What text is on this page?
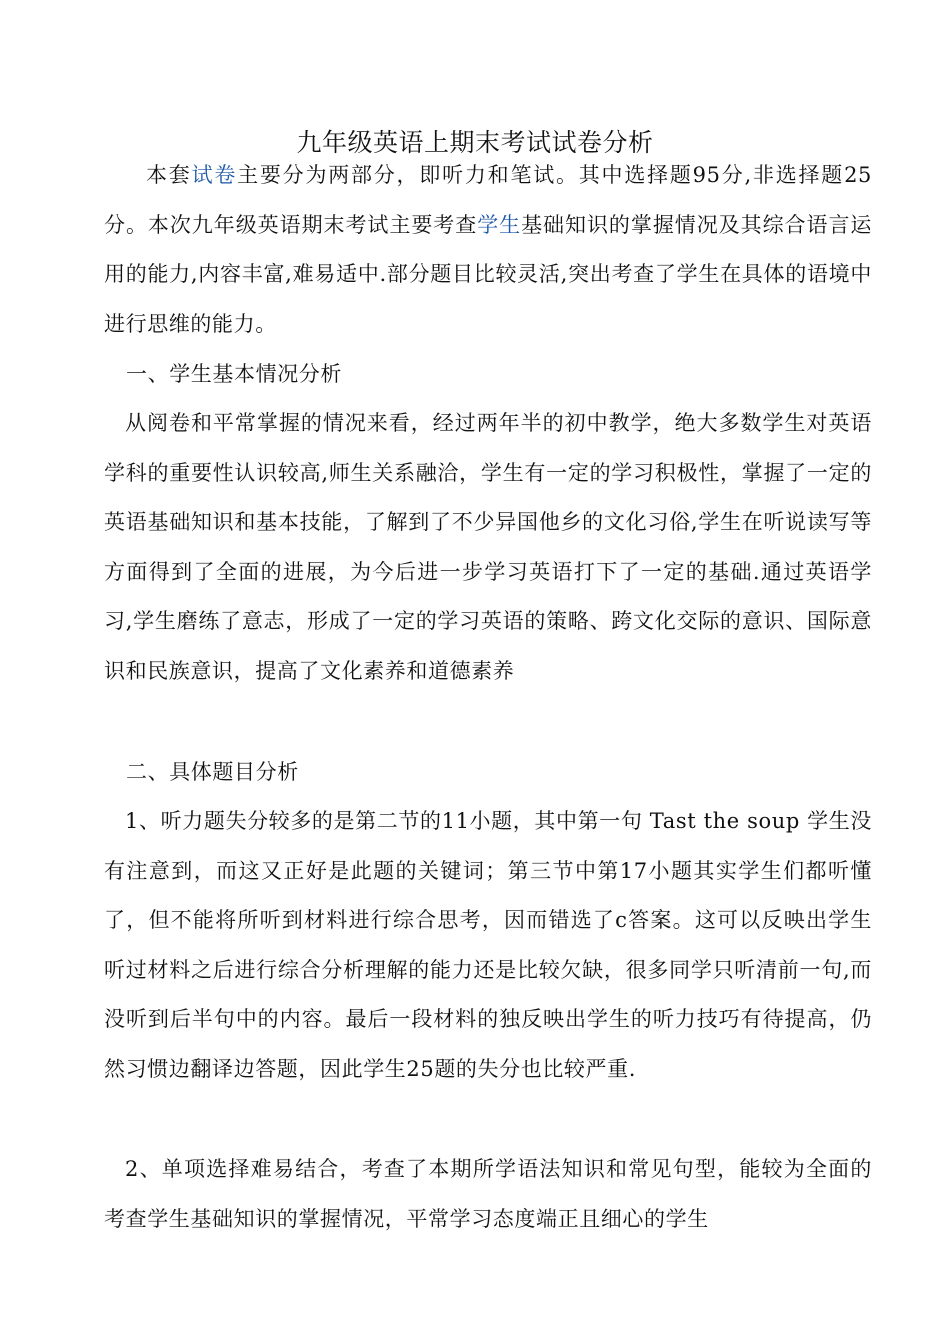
九年级英语上期末考试试卷分析

本套试卷主要分为两部分，即听力和笔试。其中选择题95分,非选择题25分。本次九年级英语期末考试主要考查学生基础知识的掌握情况及其综合语言运用的能力,内容丰富,难易适中.部分题目比较灵活,突出考查了学生在具体的语境中进行思维的能力。

一、学生基本情况分析

从阅卷和平常掌握的情况来看，经过两年半的初中教学，绝大多数学生对英语学科的重要性认识较高,师生关系融洽，学生有一定的学习积极性，掌握了一定的英语基础知识和基本技能，了解到了不少异国他乡的文化习俗,学生在听说读写等方面得到了全面的进展，为今后进一步学习英语打下了一定的基础.通过英语学习,学生磨练了意志，形成了一定的学习英语的策略、跨文化交际的意识、国际意识和民族意识，提高了文化素养和道德素养

二、具体题目分析

1、听力题失分较多的是第二节的11小题，其中第一句 Tast the soup 学生没有注意到，而这又正好是此题的关键词；第三节中第17小题其实学生们都听懂了，但不能将所听到材料进行综合思考，因而错选了c答案。这可以反映出学生听过材料之后进行综合分析理解的能力还是比较欠缺，很多同学只听清前一句,而没听到后半句中的内容。最后一段材料的独反映出学生的听力技巧有待提高，仍然习惯边翻译边答题，因此学生25题的失分也比较严重.

2、单项选择难易结合，考查了本期所学语法知识和常见句型，能较为全面的考查学生基础知识的掌握情况，平常学习态度端正且细心的学生
